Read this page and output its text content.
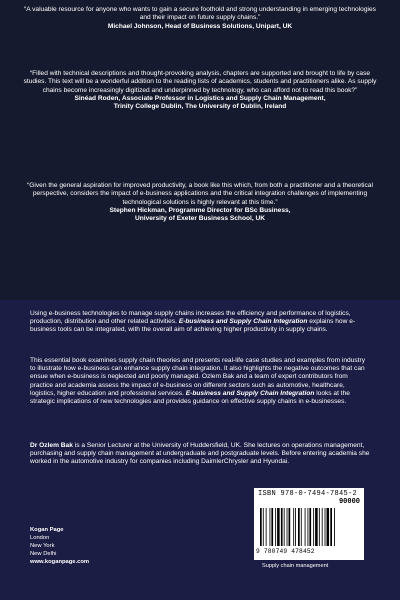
“A valuable resource for anyone who wants to gain a secure foothold and strong understanding in emerging technologies and their impact on future supply chains.”
Michael Johnson, Head of Business Solutions, Unipart, UK
“Filled with technical descriptions and thought-provoking analysis, chapters are supported and brought to life by case studies. This text will be a wonderful addition to the reading lists of academics, students and practitioners alike. As supply chains become increasingly digitized and underpinned by technology, who can afford not to read this book?”
Sinéad Roden, Associate Professor in Logistics and Supply Chain Management,
Trinity College Dublin, The University of Dublin, Ireland
“Given the general aspiration for improved productivity, a book like this which, from both a practitioner and a theoretical perspective, considers the impact of e-business applications and the critical integration challenges of implementing technological solutions is highly relevant at this time.”
Stephen Hickman, Programme Director for BSc Business,
University of Exeter Business School, UK
Using e-business technologies to manage supply chains increases the efficiency and performance of logistics, production, distribution and other related activities. E-business and Supply Chain Integration explains how e-business tools can be integrated, with the overall aim of achieving higher productivity in supply chains.
This essential book examines supply chain theories and presents real-life case studies and examples from industry to illustrate how e-business can enhance supply chain integration. It also highlights the negative outcomes that can ensue when e-business is neglected and poorly managed. Ozlem Bak and a team of expert contributors from practice and academia assess the impact of e-business on different sectors such as automotive, healthcare, logistics, higher education and professional services. E-business and Supply Chain Integration looks at the strategic implications of new technologies and provides guidance on effective supply chains in e-businesses.
Dr Ozlem Bak is a Senior Lecturer at the University of Huddersfield, UK. She lectures on operations management, purchasing and supply chain management at undergraduate and postgraduate levels. Before entering academia she worked in the automotive industry for companies including DaimlerChrysler and Hyundai.
Kogan Page
London
New York
New Delhi
www.koganpage.com
ISBN 978-0-7494-7845-2
90000
9 780749 478452
Supply chain management
